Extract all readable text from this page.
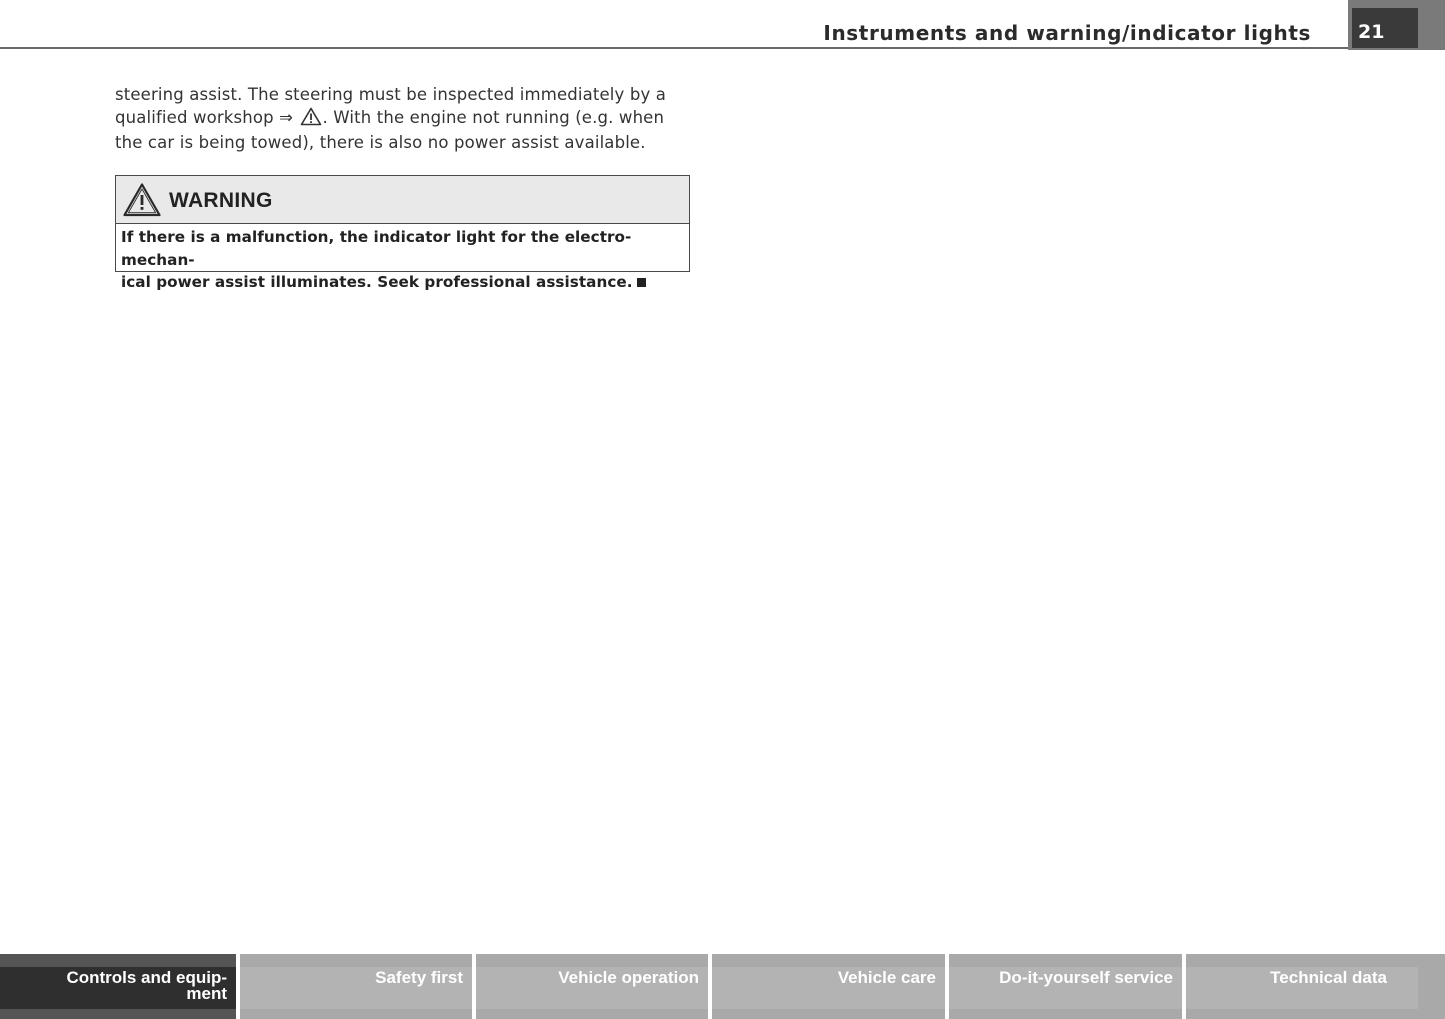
Instruments and warning/indicator lights	21
steering assist. The steering must be inspected immediately by a
qualified workshop ⇒ . With the engine not running (e.g. when
the car is being towed), there is also no power assist available.
WARNING
If there is a malfunction, the indicator light for the electro-mechan-
ical power assist illuminates. Seek professional assistance.
Controls and equip-
ment
Safety first	Vehicle operation	Vehicle care	Do-it-yourself service	Technical data
